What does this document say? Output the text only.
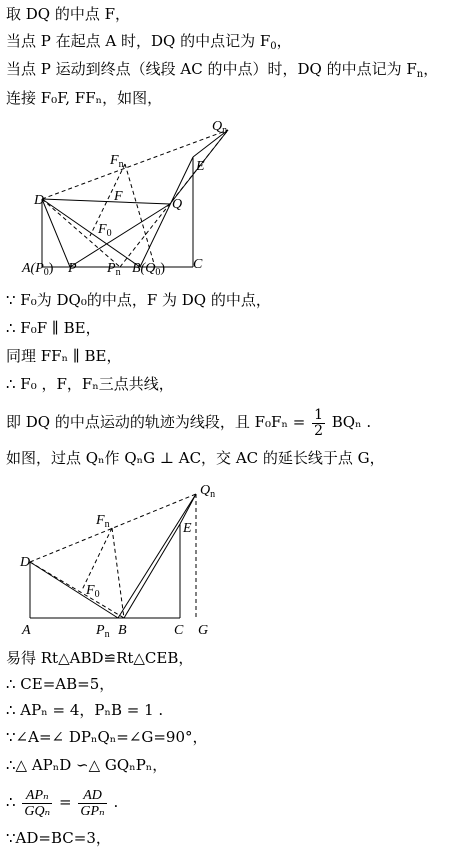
取 DQ 的中点 F，
当点 P 在起点 A 时，DQ 的中点记为 $F_0$，
当点 P 运动到终点（线段 AC 的中点）时，DQ 的中点记为 $F_n$，
连接 F₀F, FFₙ，如图，
$Q_n$
$F_n$	E
F
D	Q
$F_0$
$A(P_0)$ P $P_n$ $B(Q_0)$ C
∵ F₀为 DQ₀的中点，F 为 DQ 的中点，
∴ F₀F ∥ BE，
同理 FFₙ ∥ BE，
∴ F₀ ，F，Fₙ三点共线，
即 DQ 的中点运动的轨迹为线段，且 $F_0F_n = \frac{1}{2}$ BQₙ .
如图，过点 Qₙ作 QₙG ⊥ AC，交 AC 的延长线于点 G，
$Q_n$
$F_n$	E
D
$F_0$
A	$P_n$ B	C G
易得 Rt△ABD≌Rt△CEB，
∴ CE=AB=5，
∴ APₙ = 4，PₙB = 1 .
∵∠A=∠ DPₙQₙ=∠G=90°，
∴△ APₙD ∽△ GQₙPₙ，
∴ $\frac{\text{APₙ}}{\text{GQₙ}} = \frac{AD}{\text{GPₙ}}$ .
∵AD=BC=3，
